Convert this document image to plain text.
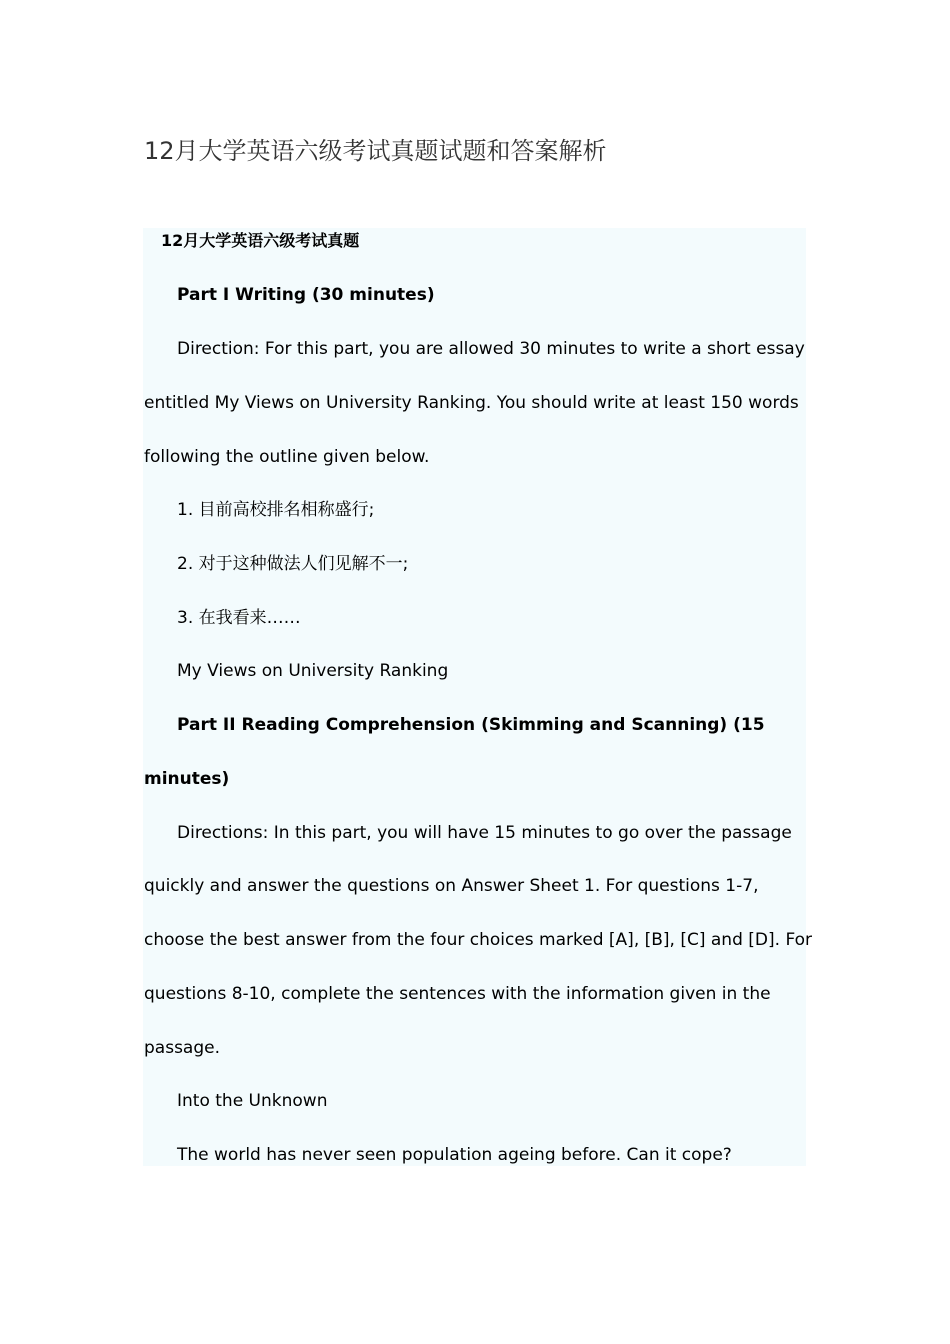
12月大学英语六级考试真题试题和答案解析

12月大学英语六级考试真题

Part I Writing (30 minutes)

Direction: For this part, you are allowed 30 minutes to write a short essay

entitled My Views on University Ranking. You should write at least 150 words

following the outline given below.

1. 目前高校排名相称盛行;

2. 对于这种做法人们见解不一;

3. 在我看来……

My Views on University Ranking

Part II Reading Comprehension (Skimming and Scanning) (15

minutes)

Directions: In this part, you will have 15 minutes to go over the passage

quickly and answer the questions on Answer Sheet 1. For questions 1-7,

choose the best answer from the four choices marked [A], [B], [C] and [D]. For

questions 8-10, complete the sentences with the information given in the

passage.

Into the Unknown

The world has never seen population ageing before. Can it cope?
